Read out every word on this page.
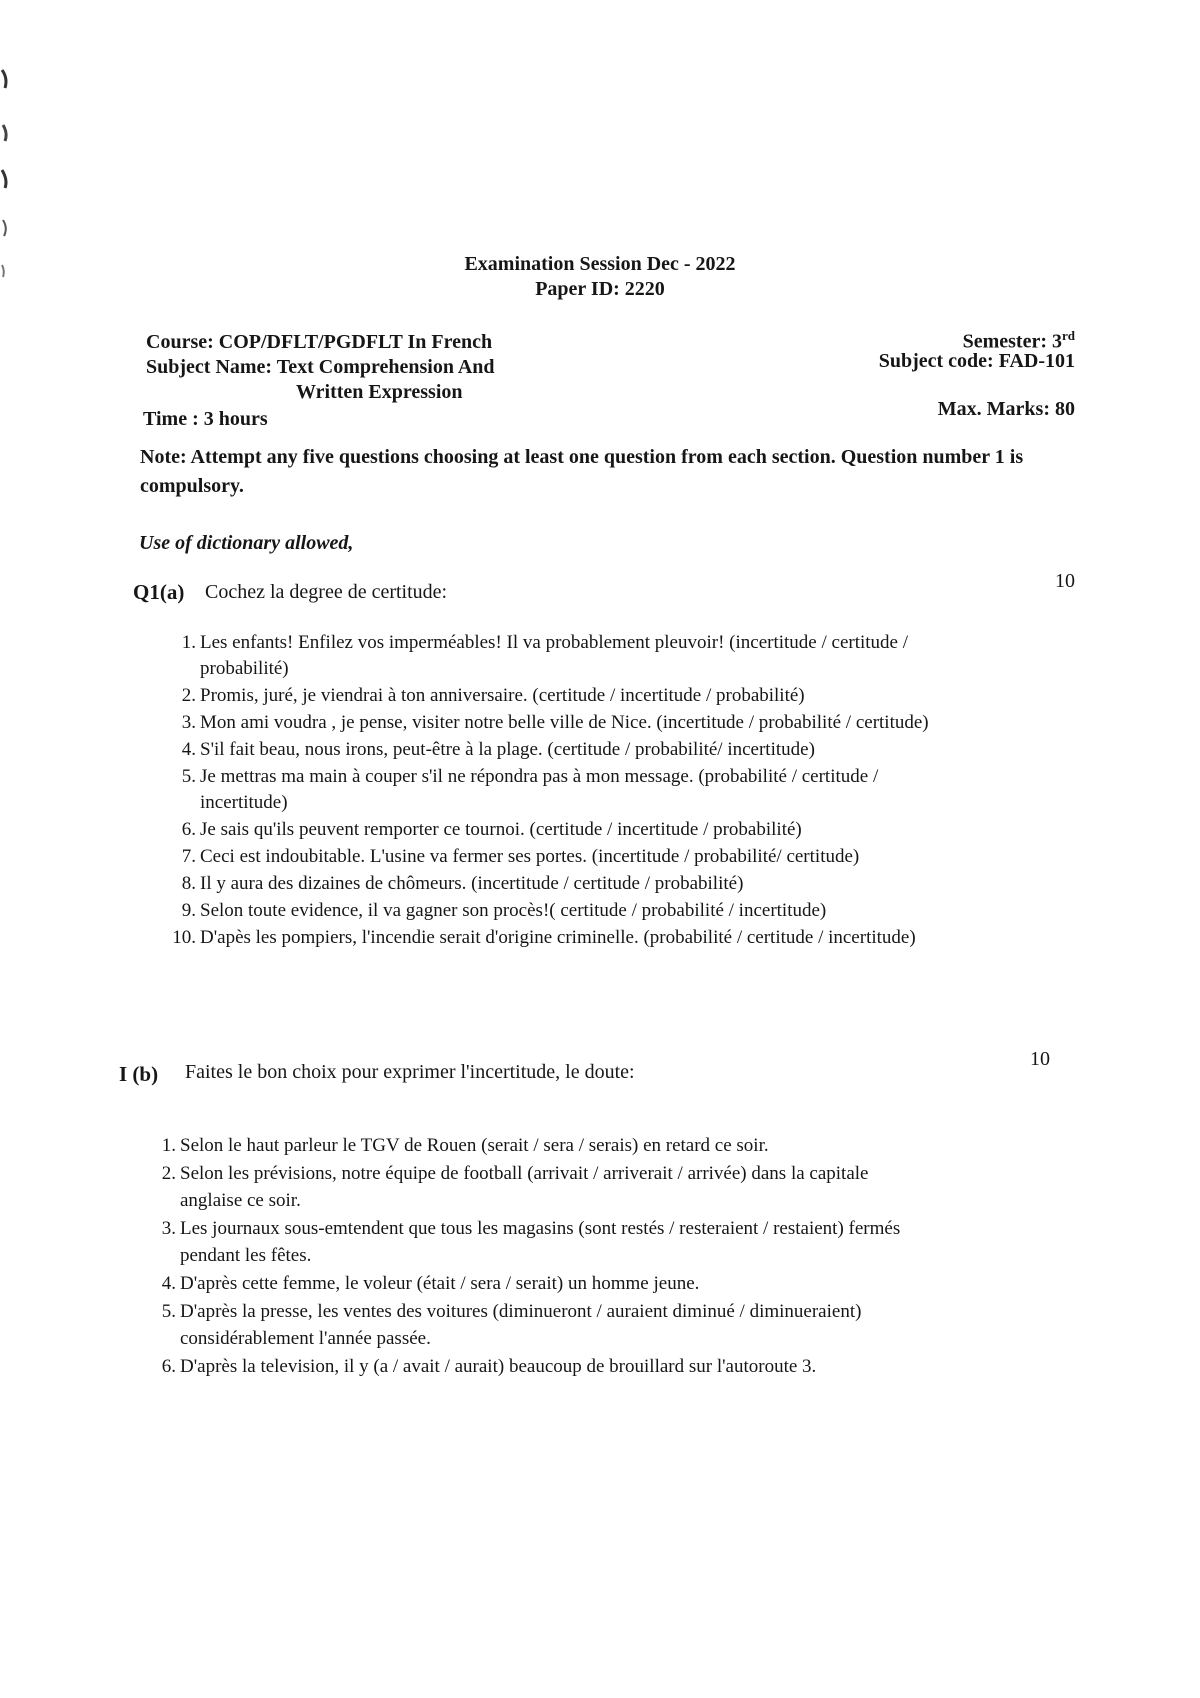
Examination Session Dec - 2022
Paper ID: 2220
Course: COP/DFLT/PGDFLT In French
Subject Name: Text Comprehension And
Written Expression
Time : 3 hours
Semester: 3rd
Subject code: FAD-101
Max. Marks: 80
Note: Attempt any five questions choosing at least one question from each section. Question number 1 is compulsory.
Use of dictionary allowed,
Q1(a) Cochez la degree de certitude:	10
1. Les enfants! Enfilez vos imperméables! Il va probablement pleuvoir! (incertitude / certitude / probabilité)
2. Promis, juré, je viendrai à ton anniversaire. (certitude / incertitude / probabilité)
3. Mon ami voudra , je pense, visiter notre belle ville de Nice. (incertitude / probabilité / certitude)
4. S'il fait beau, nous irons, peut-être à la plage. (certitude / probabilité/ incertitude)
5. Je mettras ma main à couper s'il ne répondra pas à mon message. (probabilité / certitude / incertitude)
6. Je sais qu'ils peuvent remporter ce tournoi. (certitude / incertitude / probabilité)
7. Ceci est indoubitable. L'usine va fermer ses portes. (incertitude / probabilité/ certitude)
8. Il y aura des dizaines de chômeurs. (incertitude / certitude / probabilité)
9. Selon toute evidence, il va gagner son procès!( certitude / probabilité / incertitude)
10. D'apès les pompiers, l'incendie serait d'origine criminelle. (probabilité / certitude / incertitude)
I (b) Faites le bon choix pour exprimer l'incertitude, le doute:
10
1. Selon le haut parleur le TGV de Rouen (serait / sera / serais) en retard ce soir.
2. Selon les prévisions, notre équipe de football (arrivait / arriverait / arrivée) dans la capitale anglaise ce soir.
3. Les journaux sous-emtendent que tous les magasins (sont restés / resteraient / restaient) fermés pendant les fêtes.
4. D'après cette femme, le voleur (était / sera / serait) un homme jeune.
5. D'après la presse, les ventes des voitures (diminueront / auraient diminué / diminueraient) considérablement l'année passée.
6. D'après la television, il y (a / avait / aurait) beaucoup de brouillard sur l'autoroute 3.
